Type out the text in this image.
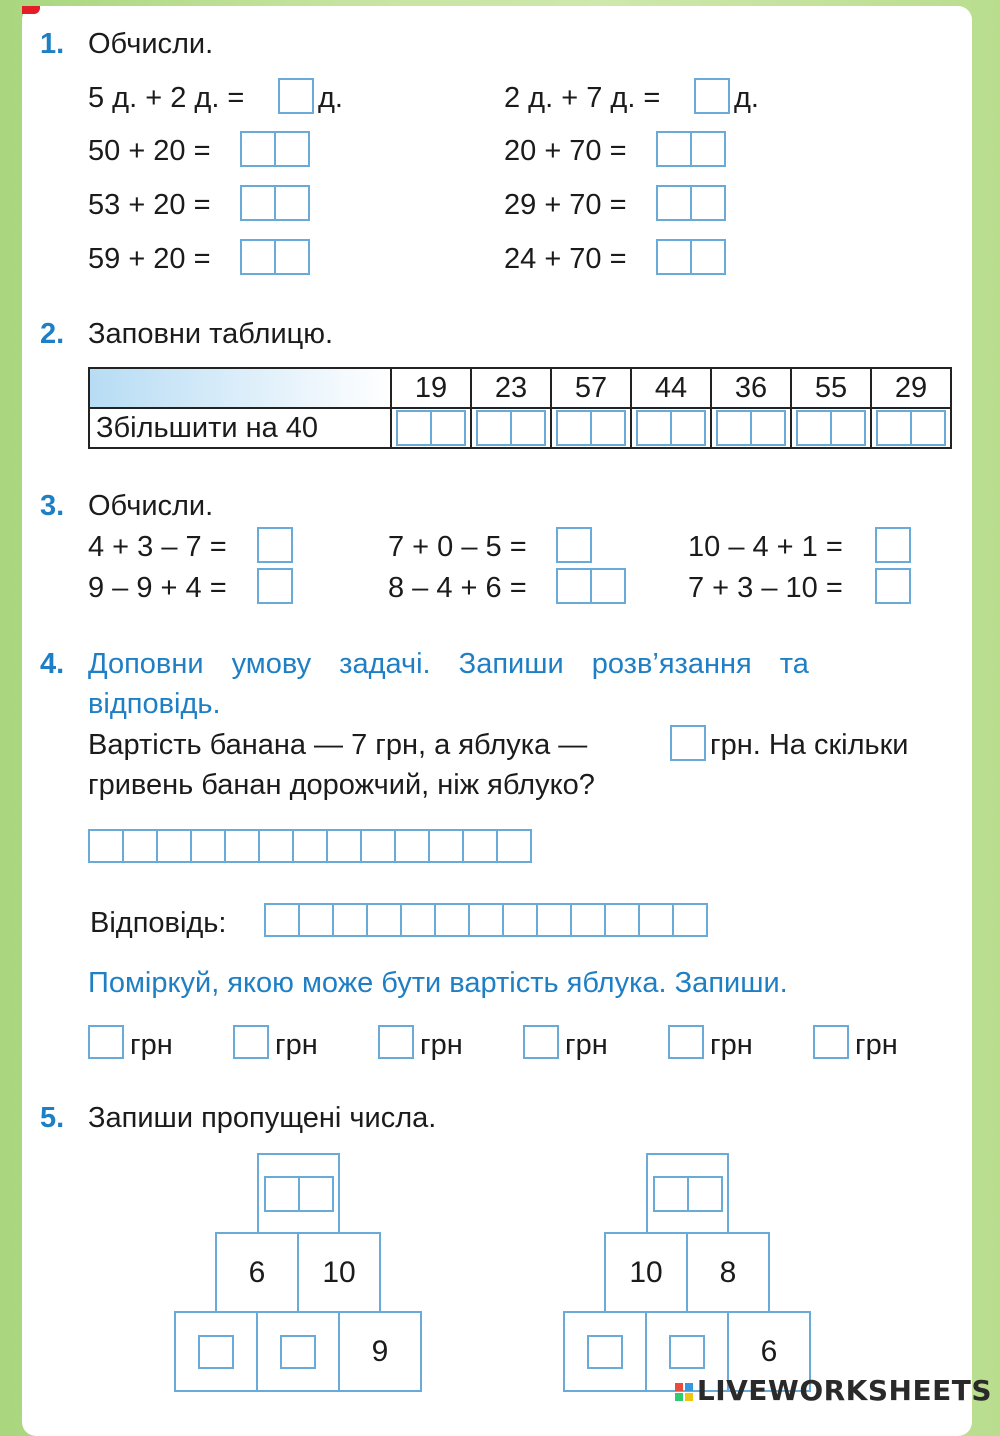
1. Обчисли.
5 д. + 2 д. =	д.	2 д. + 7 д. =	д.
50 + 20 =	20 + 70 =
53 + 20 =	29 + 70 =
59 + 20 =	24 + 70 =
2. Заповни таблицю.
	19	23	57	44	36	55	29
Збільшити на 40	

3. Обчисли.
4 + 3 – 7 =	7 + 0 – 5 =	10 – 4 + 1 =
9 – 9 + 4 =	8 – 4 + 6 =	7 + 3 – 10 =
4. Доповни умову задачі. Запиши розв’язання та
відповідь.
Вартість банана — 7 грн, а яблука —	грн. На скільки
гривень банан дорожчий, ніж яблуко?
Відповідь:
Поміркуй, якою може бути вартість яблука. Запиши.
грн	грн	грн	грн	грн	грн
5. Запиши пропущені числа.
6	10
9
10	8
6
LIVEWORKSHEETS
